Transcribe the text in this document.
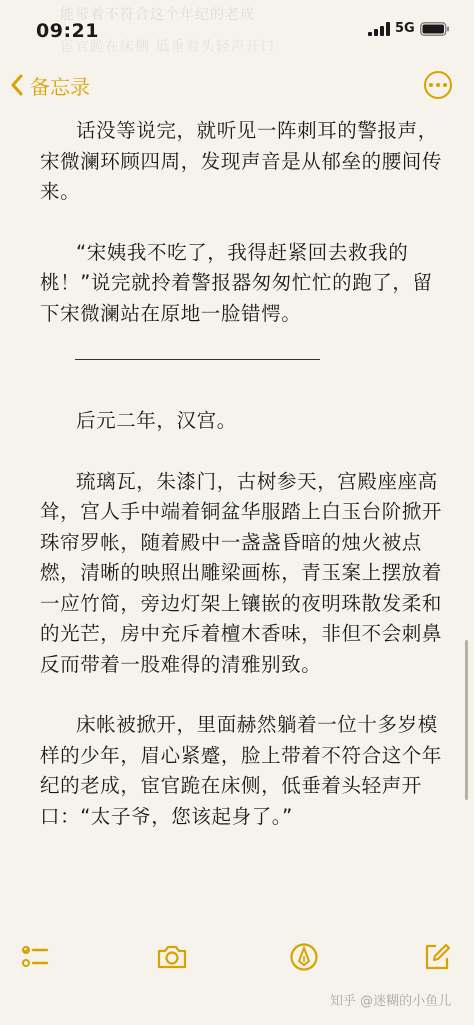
能带着不符合这个年纪的老成
宦官跪在床侧 低垂着头轻声开口
09:21	5G
备忘录

话没等说完，就听见一阵刺耳的警报声，宋微澜环顾四周，发现声音是从郁垒的腰间传来。

“宋姨我不吃了，我得赶紧回去救我的桃！”说完就拎着警报器匆匆忙忙的跑了，留下宋微澜站在原地一脸错愕。

后元二年，汉宫。

琉璃瓦，朱漆门，古树参天，宫殿座座高耸，宫人手中端着铜盆华服踏上白玉台阶掀开珠帘罗帐，随着殿中一盏盏昏暗的烛火被点燃，清晰的映照出雕梁画栋，青玉案上摆放着一应竹简，旁边灯架上镶嵌的夜明珠散发柔和的光芒，房中充斥着檀木香味，非但不会刺鼻反而带着一股难得的清雅别致。

床帐被掀开，里面赫然躺着一位十多岁模样的少年，眉心紧蹙，脸上带着不符合这个年纪的老成，宦官跪在床侧，低垂着头轻声开口：“太子爷，您该起身了。”

知乎 @迷糊的小鱼儿
